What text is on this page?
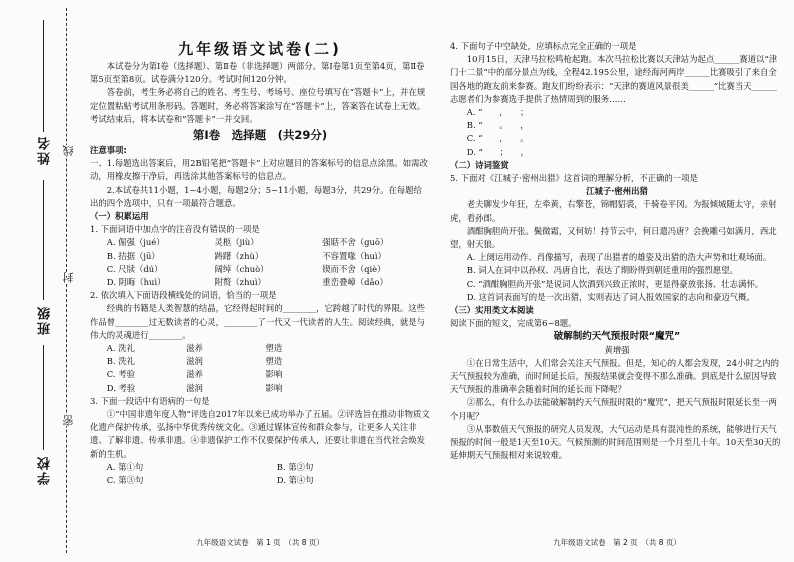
姓名
班级
学校
线
封
密

九年级语文试卷(二)

本试卷分为第Ⅰ卷（选择题）、第Ⅱ卷（非选择题）两部分。第Ⅰ卷第1页至第4页，第Ⅱ卷第5页至第8页。试卷满分120分。考试时间120分钟。

答卷前，考生务必将自己的姓名、考生号、考场号、座位号填写在“答题卡”上，并在规定位置粘贴考试用条形码。答题时，务必将答案涂写在“答题卡”上，答案答在试卷上无效。考试结束后，将本试卷和“答题卡”一并交回。

第Ⅰ卷　选择题　(共29分)

注意事项:

一、1.每题选出答案后，用2B铅笔把“答题卡”上对应题目的答案标号的信息点涂黑。如需改动，用橡皮擦干净后，再选涂其他答案标号的信息点。

2.本试卷共11小题，1~4小题，每题2分；5~11小题，每题3分，共29分。在每题给出的四个选项中，只有一项最符合题意。

（一）积累运用

1. 下面词语中加点字的注音没有错误的一项是

A. 倔强（jué）	灵柩（jiù）	强聒不舍（guō）
B. 拮据（jū）	踌躇（zhù）	不容置喙（huì）
C. 尺牍（dú）	阔绰（chuò）	锲而不舍（qiè）
D. 阴晦（huì）	附赘（zhuì）	重峦叠嶂（dǎo）

2. 依次填入下面语段横线处的词语，恰当的一项是

经典的书籍是人类智慧的结晶，它经得起时间的________，它跨越了时代的界限。这些作品曾________过无数读者的心灵，________了一代又一代读者的人生。阅读经典，就是与伟大的灵魂进行________。

A. 洗礼	滋养	塑造
B. 洗礼	滋润	塑造
C. 考验	滋养	影响
D. 考验	滋润	影响

3. 下面一段话中有语病的一句是

①“中国非遗年度人物”评选自2017年以来已成功举办了五届。②评选旨在推动非物质文化遗产保护传承，弘扬中华优秀传统文化。③通过媒体宣传和群众参与，让更多人关注非遗、了解非遗、传承非遗。④非遗保护工作不仅要保护传承人，还要让非遗在当代社会焕发新的生机。

A. 第①句	B. 第②句
C. 第③句	D. 第④句
九年级语文试卷　第 1 页　（共 8 页）

4. 下面句子中空缺处，应填标点完全正确的一项是

10月15日，天津马拉松鸣枪起跑。本次马拉松比赛以天津站为起点______赛道以“津门十二景”中的部分景点为线，全程42.195公里，途经海河两岸______比赛吸引了来自全国各地的跑友前来参赛。跑友们纷纷表示：“天津的赛道风景很美______”比赛当天______志愿者们为参赛选手提供了热情周到的服务……

A. “　　，　　；

B. “　　。　　，

C. “　　，　　。

D. “　　；　　，

（二）诗词鉴赏

5. 下面对《江城子·密州出猎》这首词的理解分析，不正确的一项是

江城子·密州出猎

老夫聊发少年狂，左牵黄，右擎苍，锦帽貂裘，千骑卷平冈。为报倾城随太守，亲射虎，看孙郎。

酒酣胸胆尚开张。鬓微霜，又何妨！持节云中，何日遣冯唐？会挽雕弓如满月，西北望，射天狼。

A. 上阕运用动作、肖像描写，表现了出猎者的雄姿及出猎的浩大声势和壮观场面。

B. 词人在词中以孙权、冯唐自比，表达了期盼得到朝廷重用的强烈愿望。

C. “酒酣胸胆尚开张”是说词人饮酒到兴致正浓时，更显得豪放张扬、壮志满怀。

D. 这首词表面写的是一次出猎，实则表达了词人报效国家的志向和豪迈气概。

（三）实用类文本阅读

阅读下面的短文，完成第6~8题。

破解制约天气预报时限“魔咒”

黄增强

①在日常生活中，人们常会关注天气预报。但是，知心的人都会发现，24小时之内的天气预报较为准确，而时间延长后，预报结果就会变得不那么准确。到底是什么原因导致天气预报的准确率会随着时间的延长而下降呢？

②那么，有什么办法能破解制约天气预报时限的“魔咒”，把天气预报时限延长至一两个月呢？

③从事数值天气预报的研究人员发现，大气运动是具有混沌性的系统，能够进行天气预报的时间一般是1天至10天。气候预测的时间范围则是一个月至几十年。10天至30天的延伸期天气预报相对来说较难。

九年级语文试卷　第 2 页　（共 8 页）
